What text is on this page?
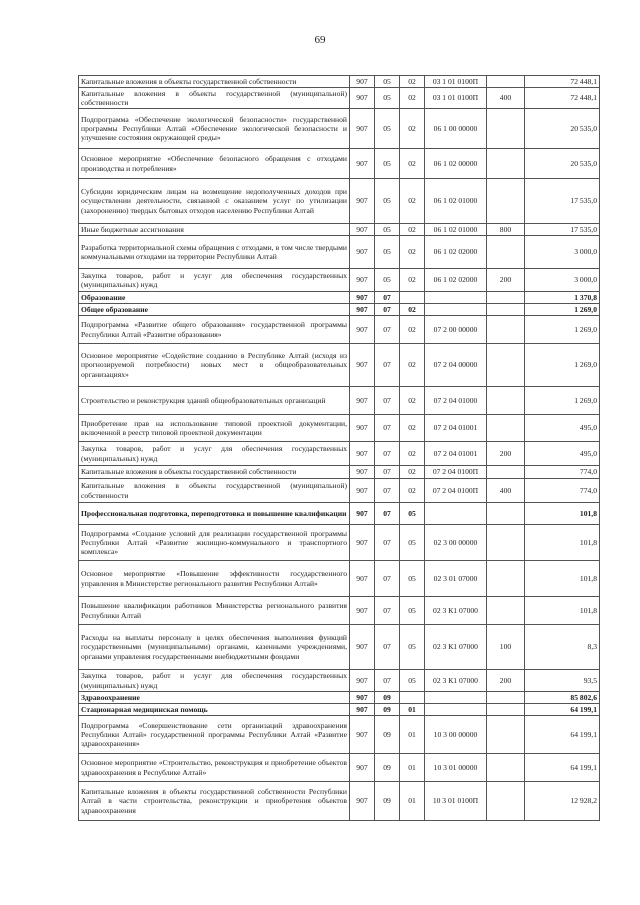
69
Капитальные вложения в объекты государственной собственности	907	05	02	03 1 01 0100П		72 448,1
Капитальные вложения в объекты государственной (муниципальной) собственности	907	05	02	03 1 01 0100П	400	72 448,1
Подпрограмма «Обеспечение экологической безопасности» государственной программы Республики Алтай «Обеспечение экологической безопасности и улучшение состояния окружающей среды»	907	05	02	06 1 00 00000		20 535,0
Основное мероприятие «Обеспечение безопасного обращения с отходами производства и потребления»	907	05	02	06 1 02 00000		20 535,0
Субсидии юридическим лицам на возмещение недополученных доходов при осуществлении деятельности, связанной с оказанием услуг по утилизации (захоронению) твердых бытовых отходов населению Республики Алтай	907	05	02	06 1 02 01000		17 535,0
Иные бюджетные ассигнования	907	05	02	06 1 02 01000	800	17 535,0
Разработка территориальной схемы обращения с отходами, в том числе твердыми коммунальными отходами на территории Республики Алтай	907	05	02	06 1 02 02000		3 000,0
Закупка товаров, работ и услуг для обеспечения государственных (муниципальных) нужд	907	05	02	06 1 02 02000	200	3 000,0
Образование	907	07				1 370,8
Общее образование	907	07	02			1 269,0
Подпрограмма «Развитие общего образования» государственной программы Республики Алтай «Развитие образования»	907	07	02	07 2 00 00000		1 269,0
Основное мероприятие «Содействие созданию в Республике Алтай (исходя из прогнозируемой потребности) новых мест в общеобразовательных организациях»	907	07	02	07 2 04 00000		1 269,0
Строительство и реконструкция зданий общеобразовательных организаций	907	07	02	07 2 04 01000		1 269,0
Приобретение прав на использование типовой проектной документации, включенной в реестр типовой проектной документации	907	07	02	07 2 04 01001		495,0
Закупка товаров, работ и услуг для обеспечения государственных (муниципальных) нужд	907	07	02	07 2 04 01001	200	495,0
Капитальные вложения в объекты государственной собственности	907	07	02	07 2 04 0100П		774,0
Капитальные вложения в объекты государственной (муниципальной) собственности	907	07	02	07 2 04 0100П	400	774,0
Профессиональная подготовка, переподготовка и повышение квалификации	907	07	05			101,8
Подпрограмма «Создание условий для реализации государственной программы Республики Алтай «Развитие жилищно-коммунального и транспортного комплекса»	907	07	05	02 3 00 00000		101,8
Основное мероприятие «Повышение эффективности государственного управления в Министерстве регионального развития Республики Алтай»	907	07	05	02 3 01 07000		101,8
Повышение квалификации работников Министерства регионального развития Республики Алтай	907	07	05	02 3 К1 07000		101,8
Расходы на выплаты персоналу в целях обеспечения выполнения функций государственными (муниципальными) органами, казенными учреждениями, органами управления государственными внебюджетными фондами	907	07	05	02 3 К1 07000	100	8,3
Закупка товаров, работ и услуг для обеспечения государственных (муниципальных) нужд	907	07	05	02 3 К1 07000	200	93,5
Здравоохранение	907	09				85 802,6
Стационарная медицинская помощь	907	09	01			64 199,1
Подпрограмма «Совершенствование сети организаций здравоохранения Республики Алтай» государственной программы Республики Алтай «Развитие здравоохранения»	907	09	01	10 3 00 00000		64 199,1
Основное мероприятие «Строительство, реконструкция и приобретение объектов здравоохранения в Республике Алтай»	907	09	01	10 3 01 00000		64 199,1
Капитальные вложения в объекты государственной собственности Республики Алтай в части строительства, реконструкции и приобретения объектов здравоохранения	907	09	01	10 3 01 0100П		12 928,2
